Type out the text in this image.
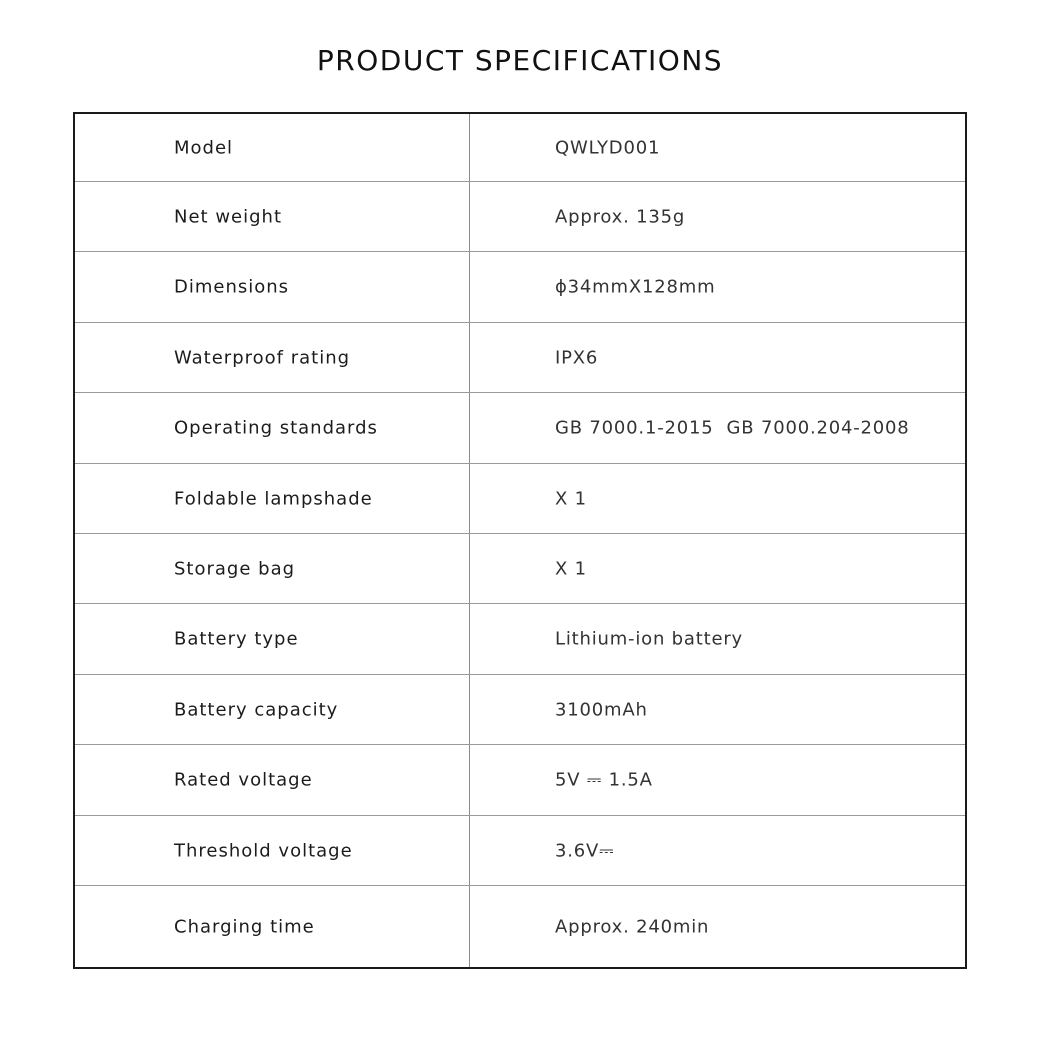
PRODUCT SPECIFICATIONS
Model	QWLYD001
Net weight	Approx. 135g
Dimensions	ϕ34mmX128mm
Waterproof rating	IPX6
Operating standards	GB 7000.1-2015  GB 7000.204-2008
Foldable lampshade	X 1
Storage bag	X 1
Battery type	Lithium-ion battery
Battery capacity	3100mAh
Rated voltage	5V ⎓ 1.5A
Threshold voltage	3.6V⎓
Charging time	Approx. 240min
